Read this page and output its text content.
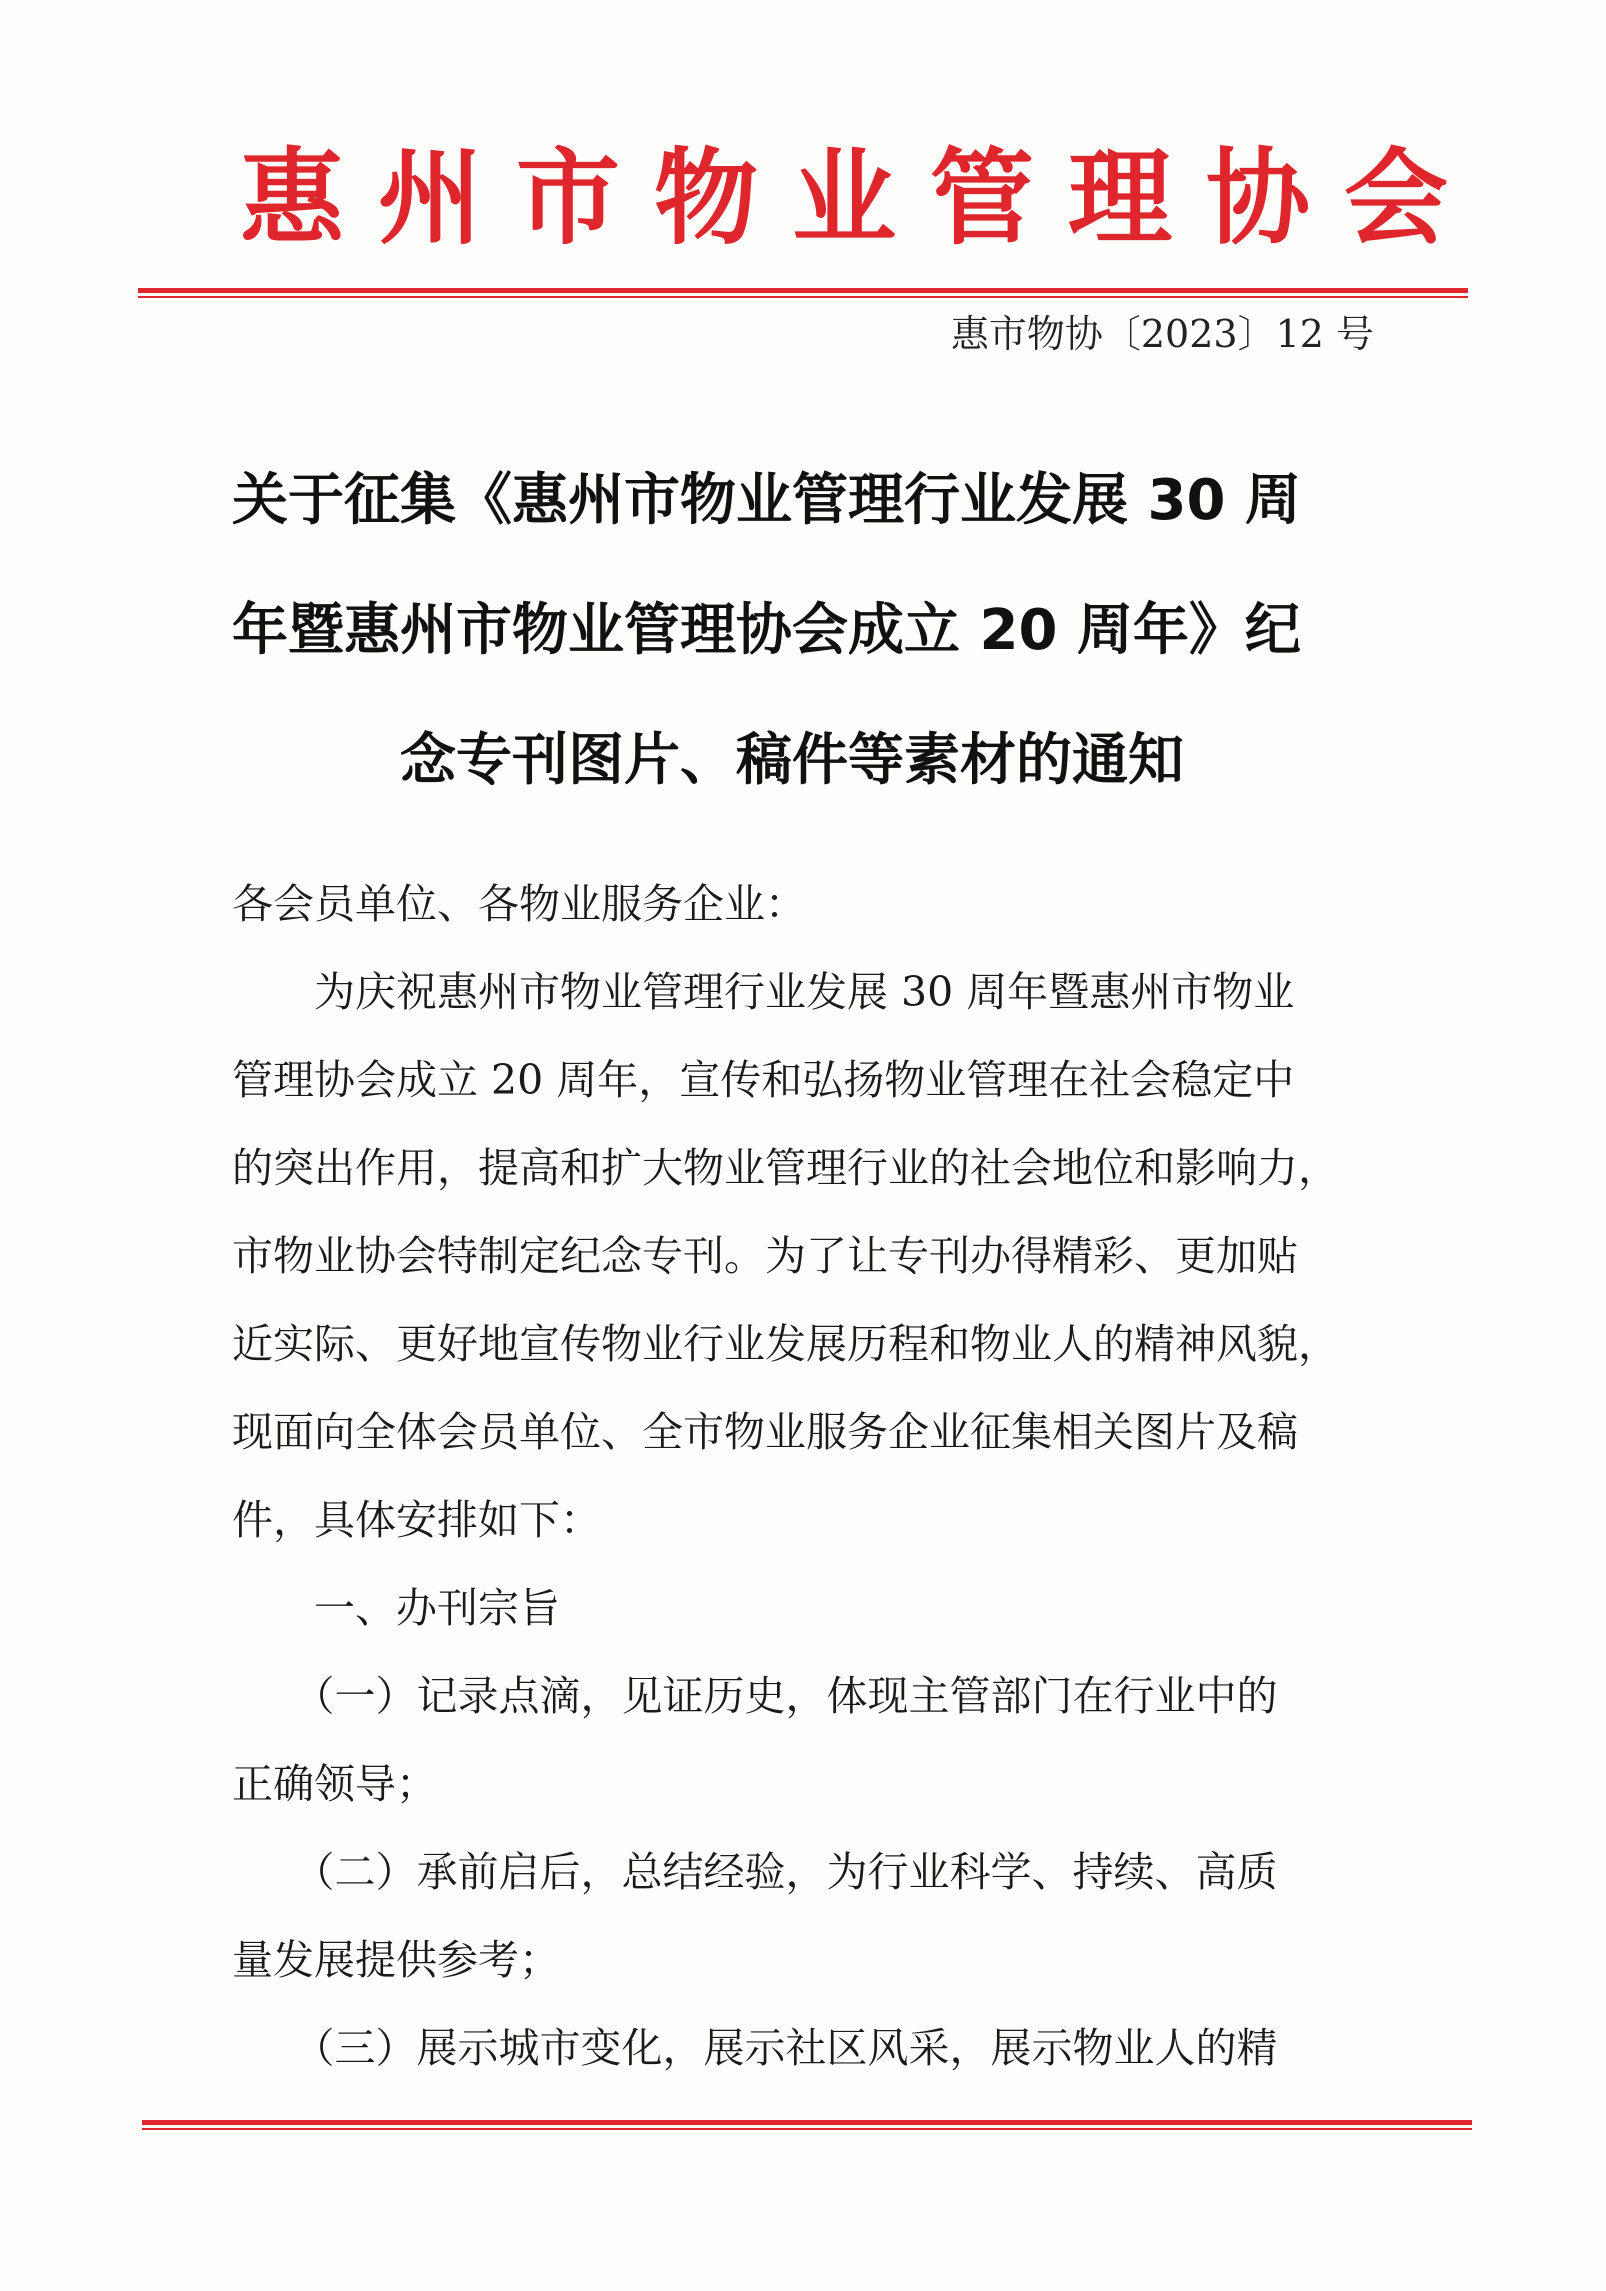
惠州市物业管理协会
惠市物协〔2023〕12 号
关于征集《惠州市物业管理行业发展 30 周
年暨惠州市物业管理协会成立 20 周年》纪
念专刊图片、稿件等素材的通知
各会员单位、各物业服务企业：
　　为庆祝惠州市物业管理行业发展 30 周年暨惠州市物业
管理协会成立 20 周年，宣传和弘扬物业管理在社会稳定中
的突出作用，提高和扩大物业管理行业的社会地位和影响力，
市物业协会特制定纪念专刊。为了让专刊办得精彩、更加贴
近实际、更好地宣传物业行业发展历程和物业人的精神风貌，
现面向全体会员单位、全市物业服务企业征集相关图片及稿
件，具体安排如下：
　　一、办刊宗旨
　　（一）记录点滴，见证历史，体现主管部门在行业中的
正确领导；
　　（二）承前启后，总结经验，为行业科学、持续、高质
量发展提供参考；
　　（三）展示城市变化，展示社区风采，展示物业人的精
